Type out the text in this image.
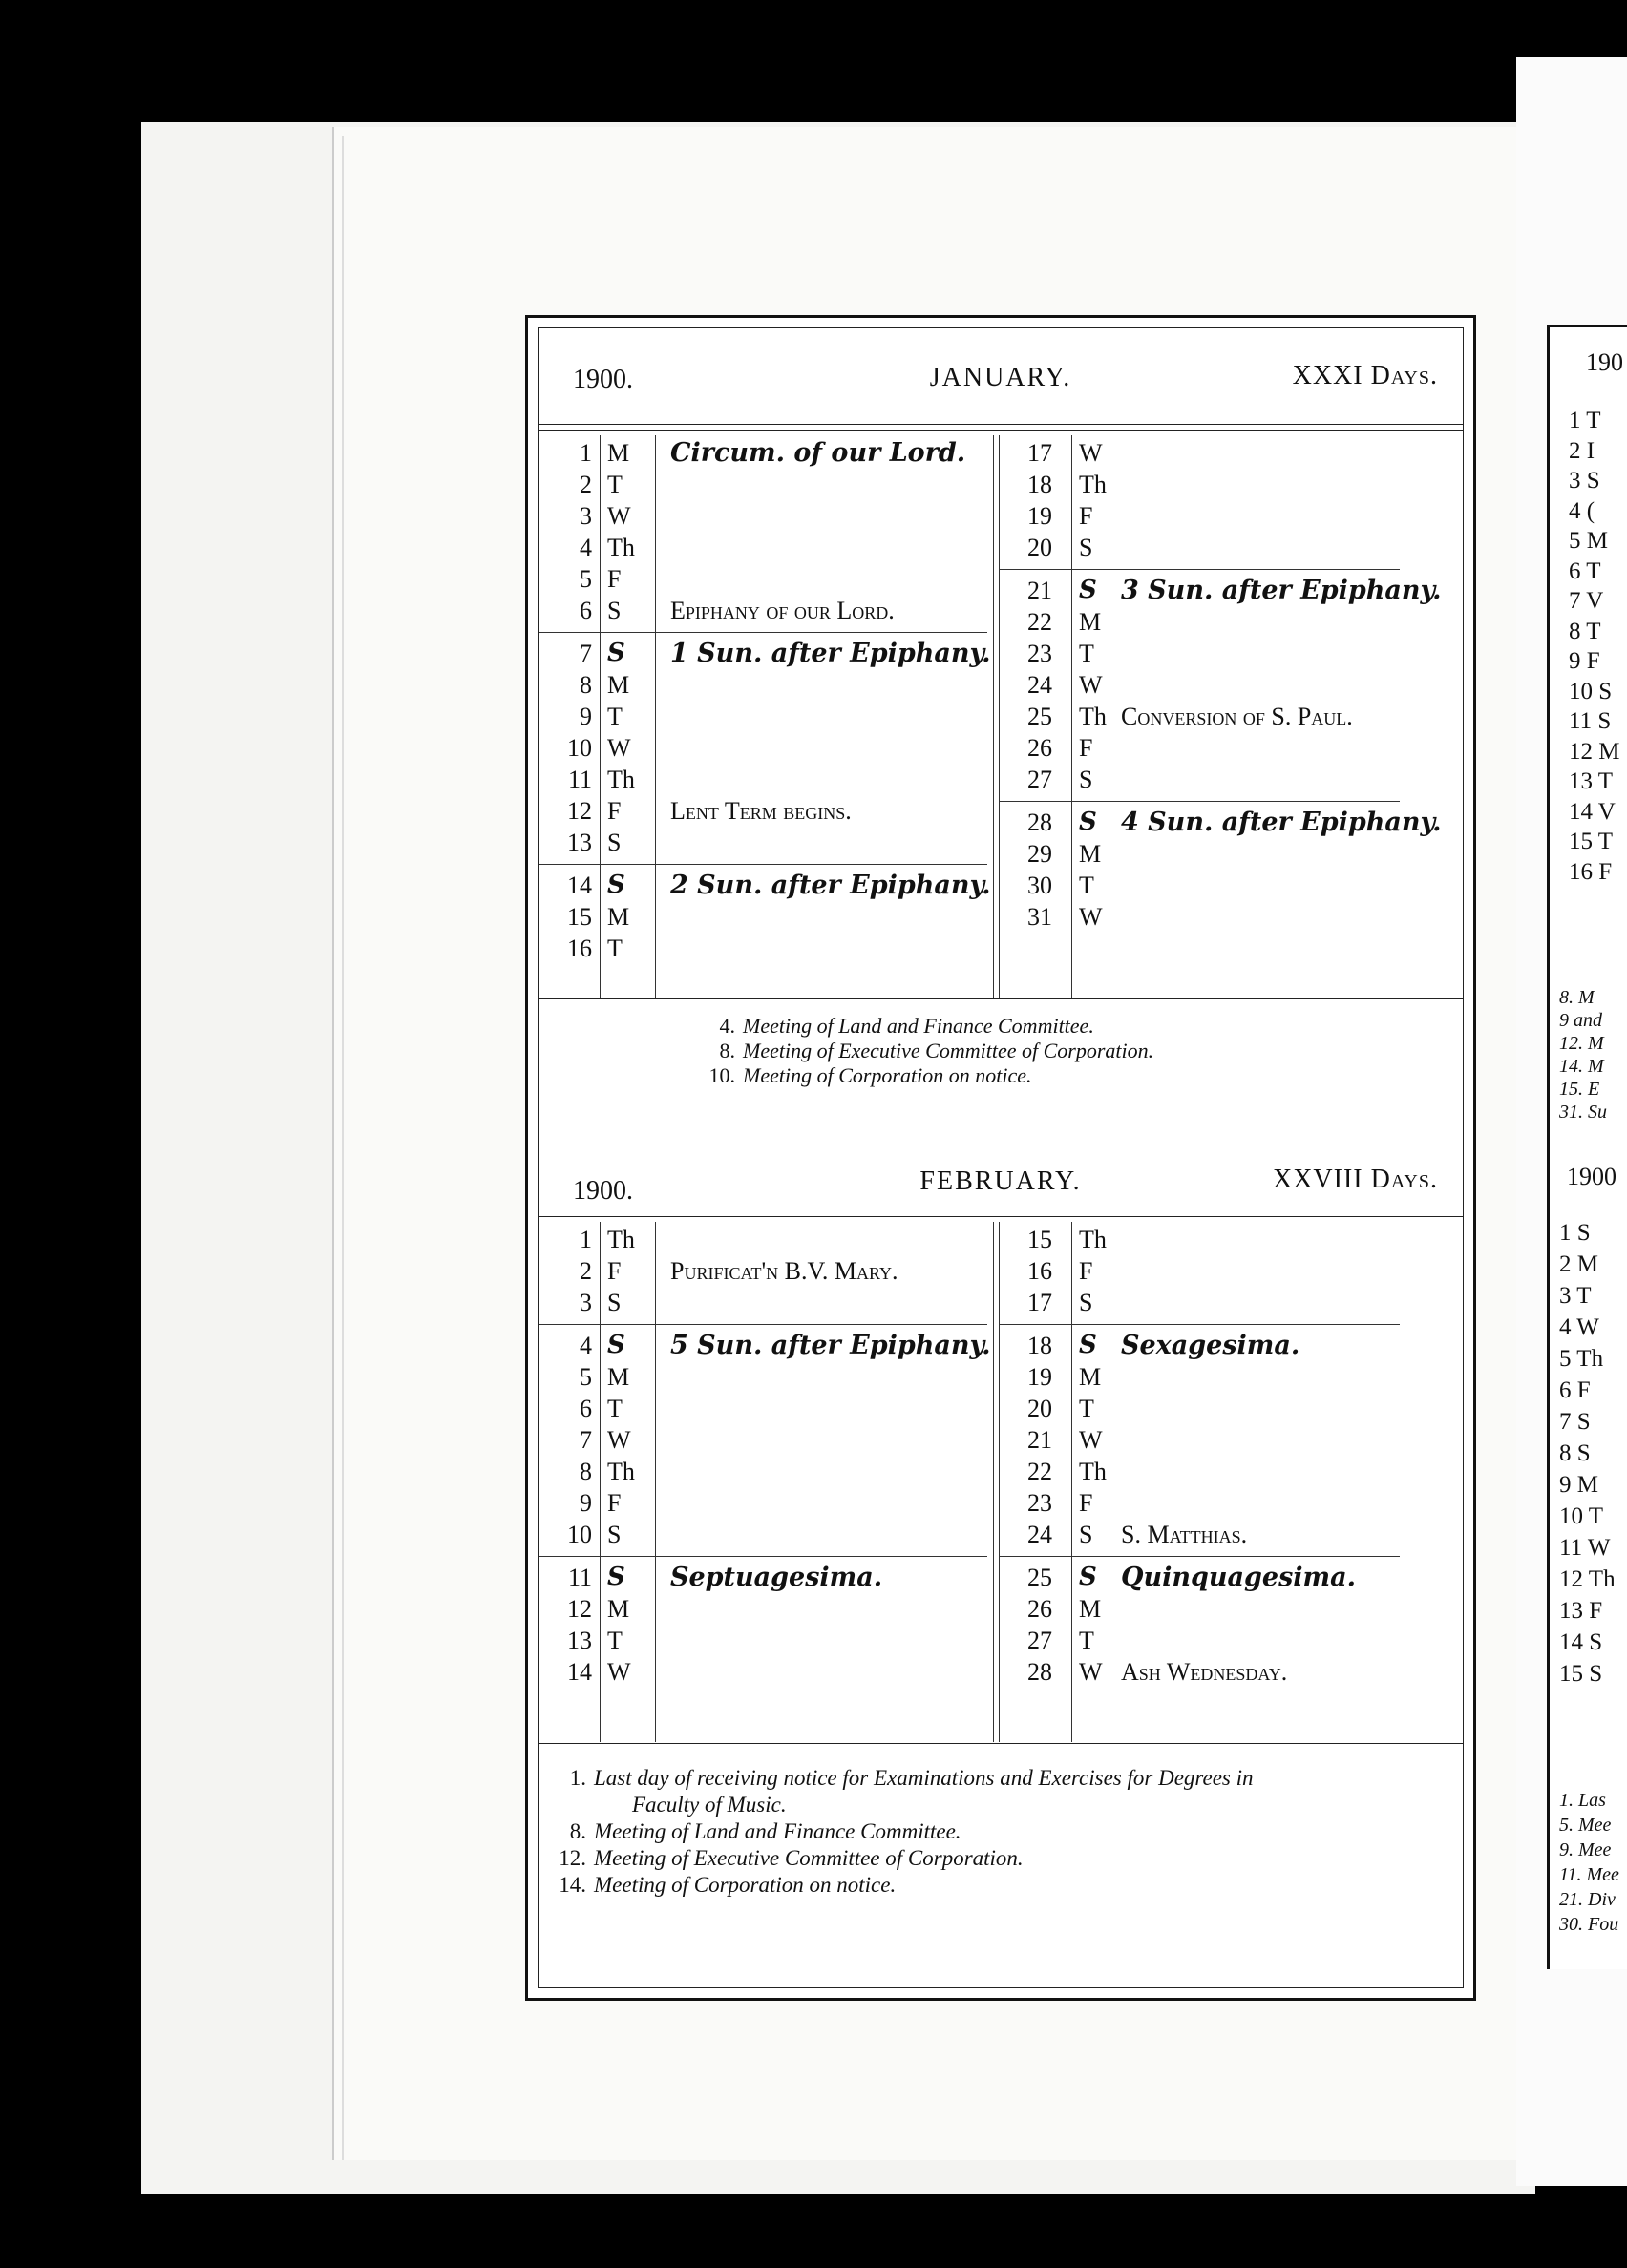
190
1 T
2 I
3 S
4 (
5 M
6 T
7 V
8 T
9 F
10 S
11 S
12 M
13 T
14 V
15 T
16 F
8. M
9 and
12. M
14. M
15. E
31. Su
1900
1 S
2 M
3 T
4 W
5 Th
6 F
7 S
8 S
9 M
10 T
11 W
12 Th
13 F
14 S
15 S
1. Las
5. Mee
9. Mee
11. Mee
21. Div
30. Fou
1900.	JANUARY.	XXXI Days.
1 M Circum. of our Lord.
2 T
3 W
4 Th
5 F
6 S Epiphany of our Lord.
7 S 1 Sun. after Epiphany.
8 M
9 T
10 W
11 Th
12 F Lent Term begins.
13 S
14 S 2 Sun. after Epiphany.
15 M
16 T
17 W
18 Th
19 F
20 S
21 S 3 Sun. after Epiphany.
22 M
23 T
24 W
25 Th Conversion of S. Paul.
26 F
27 S
28 S 4 Sun. after Epiphany.
29 M
30 T
31 W
4. Meeting of Land and Finance Committee.
8. Meeting of Executive Committee of Corporation.
10. Meeting of Corporation on notice.
1900.	FEBRUARY.	XXVIII Days.
1 Th
2 F Purificat'n B.V. Mary.
3 S
4 S 5 Sun. after Epiphany.
5 M
6 T
7 W
8 Th
9 F
10 S
11 S Septuagesima.
12 M
13 T
14 W
15 Th
16 F
17 S
18 S Sexagesima.
19 M
20 T
21 W
22 Th
23 F
24 S S. Matthias.
25 S Quinquagesima.
26 M
27 T
28 W Ash Wednesday.
1. Last day of receiving notice for Examinations and Exercises for Degrees in
Faculty of Music.
8. Meeting of Land and Finance Committee.
12. Meeting of Executive Committee of Corporation.
14. Meeting of Corporation on notice.
